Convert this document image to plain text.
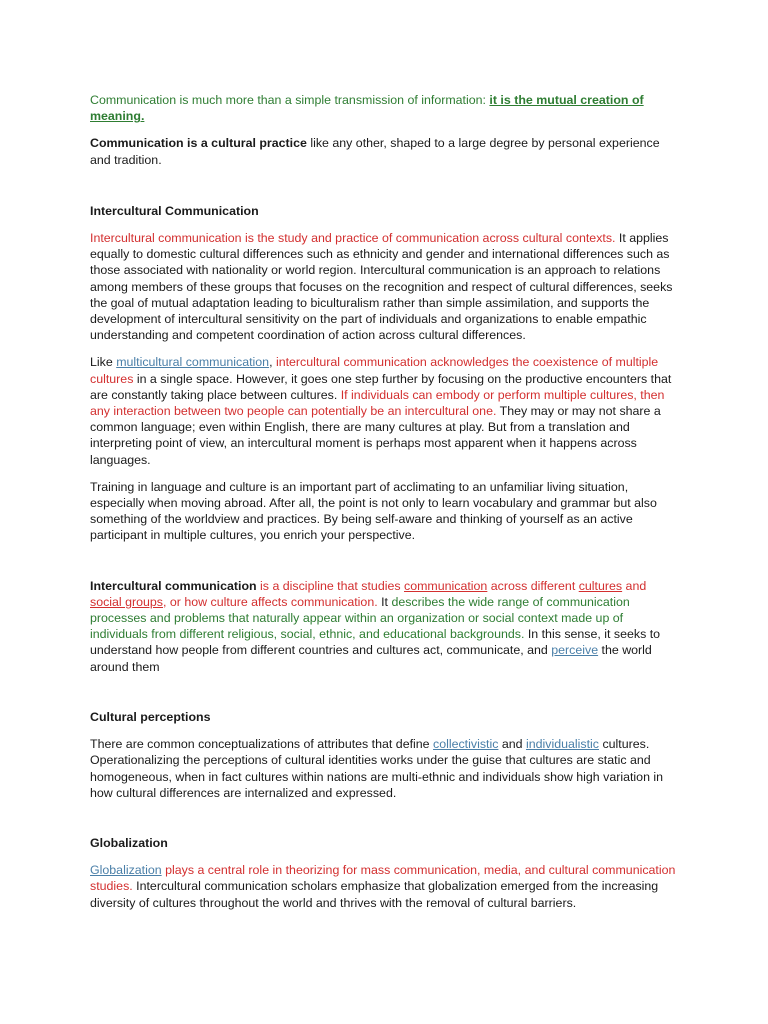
Communication is much more than a simple transmission of information: it is the mutual creation of meaning.

Communication is a cultural practice like any other, shaped to a large degree by personal experience and tradition.

Intercultural Communication

Intercultural communication is the study and practice of communication across cultural contexts. It applies equally to domestic cultural differences such as ethnicity and gender and international differences such as those associated with nationality or world region. Intercultural communication is an approach to relations among members of these groups that focuses on the recognition and respect of cultural differences, seeks the goal of mutual adaptation leading to biculturalism rather than simple assimilation, and supports the development of intercultural sensitivity on the part of individuals and organizations to enable empathic understanding and competent coordination of action across cultural differences.

Like multicultural communication, intercultural communication acknowledges the coexistence of multiple cultures in a single space. However, it goes one step further by focusing on the productive encounters that are constantly taking place between cultures. If individuals can embody or perform multiple cultures, then any interaction between two people can potentially be an intercultural one. They may or may not share a common language; even within English, there are many cultures at play. But from a translation and interpreting point of view, an intercultural moment is perhaps most apparent when it happens across languages.

Training in language and culture is an important part of acclimating to an unfamiliar living situation, especially when moving abroad. After all, the point is not only to learn vocabulary and grammar but also something of the worldview and practices. By being self-aware and thinking of yourself as an active participant in multiple cultures, you enrich your perspective.

Intercultural communication is a discipline that studies communication across different cultures and social groups, or how culture affects communication. It describes the wide range of communication processes and problems that naturally appear within an organization or social context made up of individuals from different religious, social, ethnic, and educational backgrounds. In this sense, it seeks to understand how people from different countries and cultures act, communicate, and perceive the world around them

Cultural perceptions

There are common conceptualizations of attributes that define collectivistic and individualistic cultures. Operationalizing the perceptions of cultural identities works under the guise that cultures are static and homogeneous, when in fact cultures within nations are multi-ethnic and individuals show high variation in how cultural differences are internalized and expressed.

Globalization

Globalization plays a central role in theorizing for mass communication, media, and cultural communication studies. Intercultural communication scholars emphasize that globalization emerged from the increasing diversity of cultures throughout the world and thrives with the removal of cultural barriers.
